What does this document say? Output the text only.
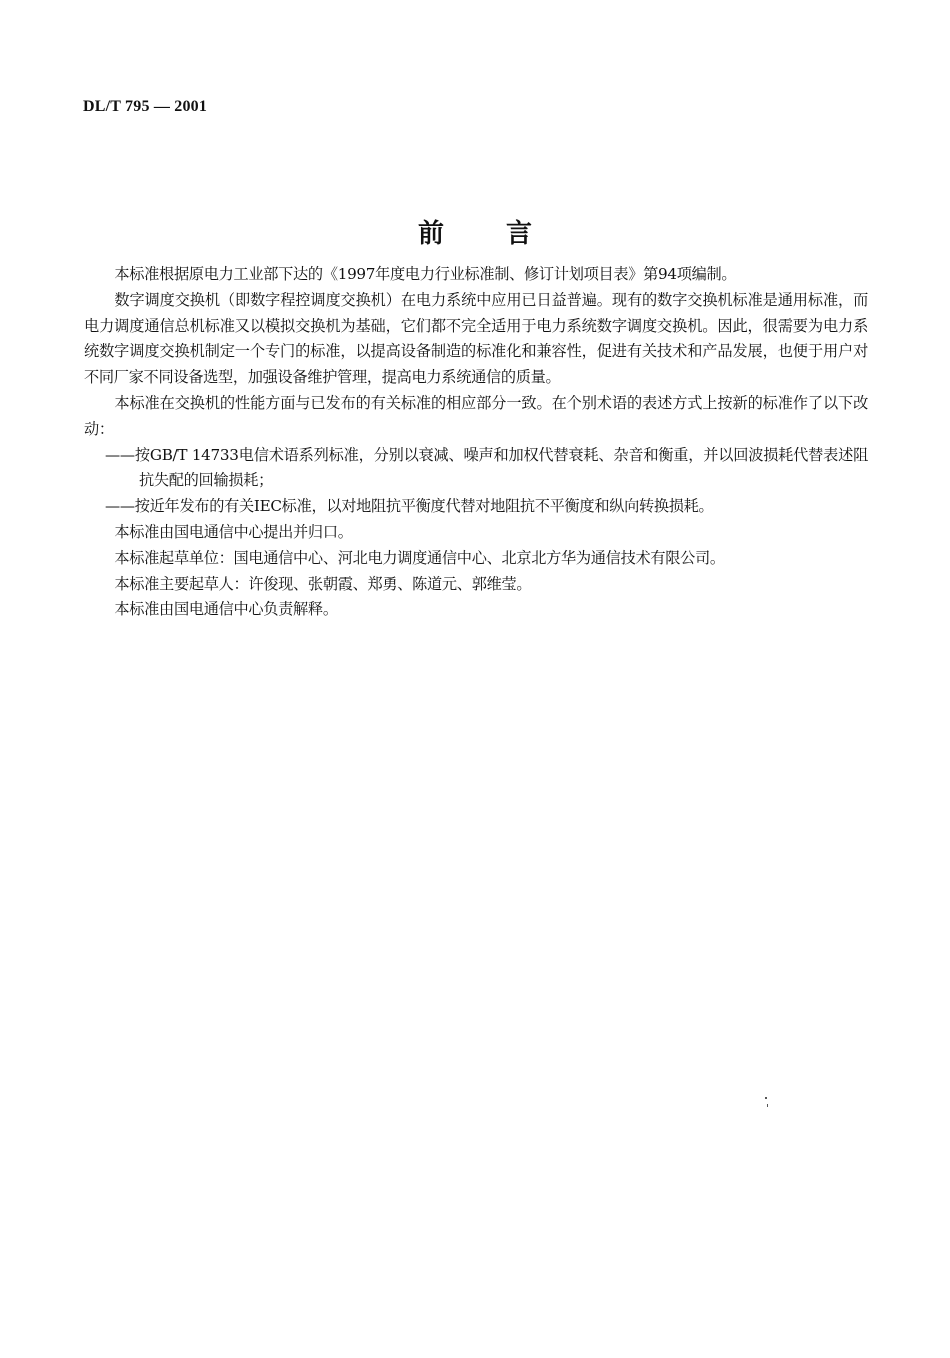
DL/T 795 — 2001
前 言

本标准根据原电力工业部下达的《1997年度电力行业标准制、修订计划项目表》第94项编制。

数字调度交换机（即数字程控调度交换机）在电力系统中应用已日益普遍。现有的数字交换机标准是通用标准，而电力调度通信总机标准又以模拟交换机为基础，它们都不完全适用于电力系统数字调度交换机。因此，很需要为电力系统数字调度交换机制定一个专门的标准，以提高设备制造的标准化和兼容性，促进有关技术和产品发展，也便于用户对不同厂家不同设备选型，加强设备维护管理，提高电力系统通信的质量。

本标准在交换机的性能方面与已发布的有关标准的相应部分一致。在个别术语的表述方式上按新的标准作了以下改动：

——按GB/T 14733电信术语系列标准，分别以衰减、噪声和加权代替衰耗、杂音和衡重，并以回波损耗代替表述阻抗失配的回输损耗；

——按近年发布的有关IEC标准，以对地阻抗平衡度代替对地阻抗不平衡度和纵向转换损耗。

本标准由国电通信中心提出并归口。

本标准起草单位：国电通信中心、河北电力调度通信中心、北京北方华为通信技术有限公司。

本标准主要起草人：许俊现、张朝霞、郑勇、陈道元、郭维莹。

本标准由国电通信中心负责解释。
